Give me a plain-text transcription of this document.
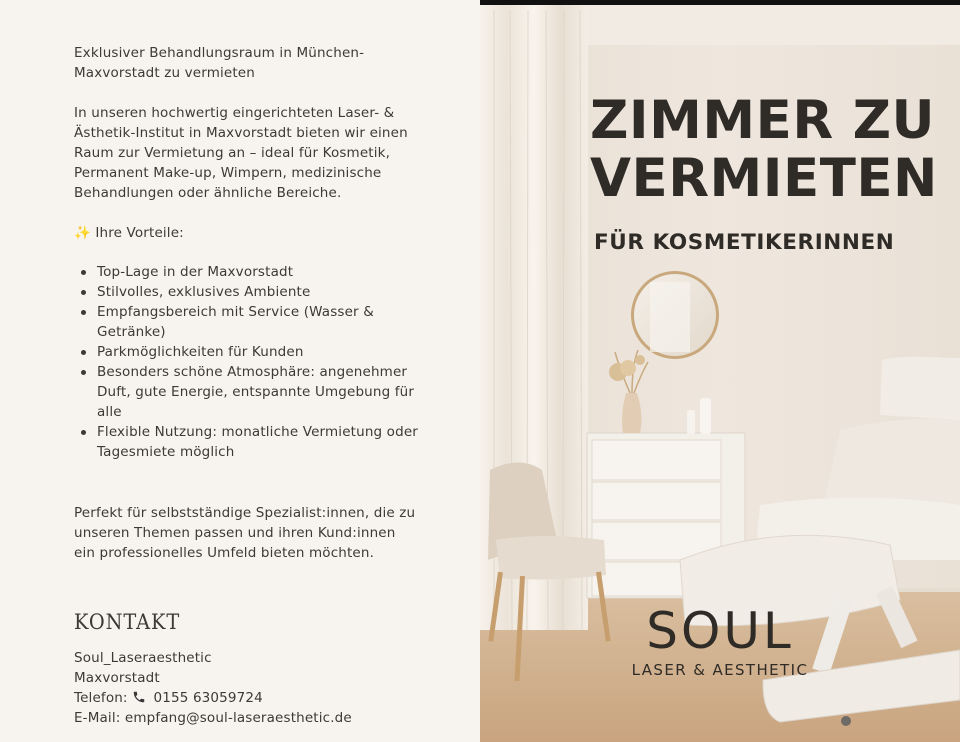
Exklusiver Behandlungsraum in München-Maxvorstadt zu vermieten
In unseren hochwertig eingerichteten Laser- & Ästhetik-Institut in Maxvorstadt bieten wir einen Raum zur Vermietung an – ideal für Kosmetik, Permanent Make-up, Wimpern, medizinische Behandlungen oder ähnliche Bereiche.
✨ Ihre Vorteile:
Top-Lage in der Maxvorstadt
Stilvolles, exklusives Ambiente
Empfangsbereich mit Service (Wasser & Getränke)
Parkmöglichkeiten für Kunden
Besonders schöne Atmosphäre: angenehmer Duft, gute Energie, entspannte Umgebung für alle
Flexible Nutzung: monatliche Vermietung oder Tagesmiete möglich
Perfekt für selbstständige Spezialist:innen, die zu unseren Themen passen und ihren Kund:innen ein professionelles Umfeld bieten möchten.
KONTAKT
Soul_Laseraesthetic
Maxvorstadt
Telefon: 0155 63059724
E-Mail: empfang@soul-laseraesthetic.de
ZIMMER ZU
VERMIETEN
FÜR KOSMETIKERINNEN
SOUL
LASER & AESTHETIC
